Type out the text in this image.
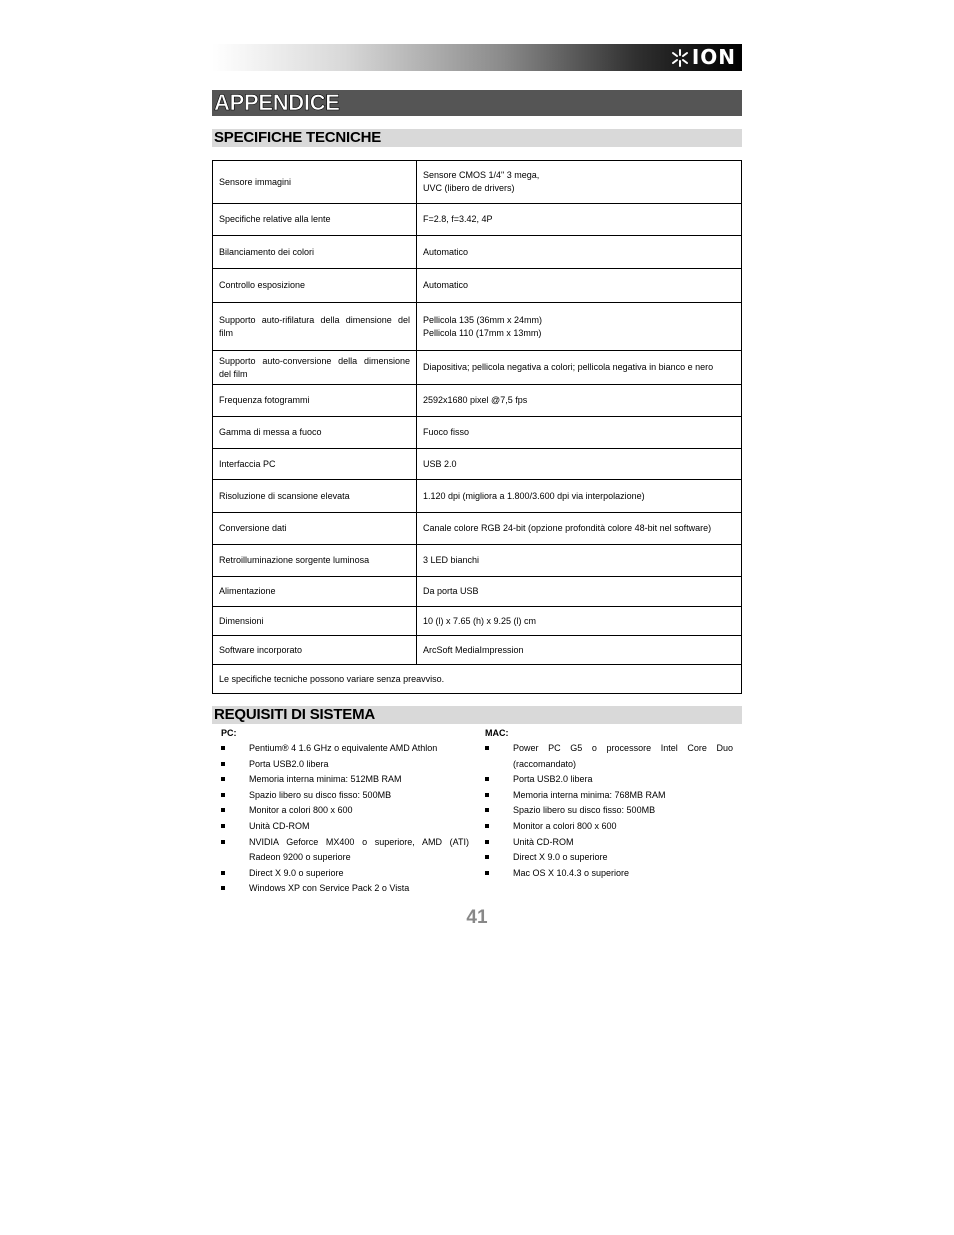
ION
APPENDICE
SPECIFICHE TECNICHE
Sensore immagini	Sensore CMOS 1/4" 3 mega,
UVC (libero de drivers)

Specifiche relative alla lente	F=2.8, f=3.42, 4P

Bilanciamento dei colori	Automatico

Controllo esposizione	Automatico

Supporto auto-rifilatura della dimensione del film	Pellicola 135 (36mm x 24mm)
Pellicola 110 (17mm x 13mm)

Supporto auto-conversione della dimensione del film	Diapositiva; pellicola negativa a colori; pellicola negativa in bianco e nero

Frequenza fotogrammi	2592x1680 pixel @7,5 fps

Gamma di messa a fuoco	Fuoco fisso

Interfaccia PC	USB 2.0

Risoluzione di scansione elevata	1.120 dpi (migliora a 1.800/3.600 dpi via interpolazione)

Conversione dati	Canale colore RGB 24-bit (opzione profondità colore 48-bit nel software)

Retroilluminazione sorgente luminosa	3 LED bianchi

Alimentazione	Da porta USB

Dimensioni	10 (l) x 7.65 (h) x 9.25 (l) cm

Software incorporato	ArcSoft MediaImpression

Le specifiche tecniche possono variare senza preavviso.	
REQUISITI DI SISTEMA
PC:
Pentium® 4 1.6 GHz o equivalente AMD Athlon
Porta USB2.0 libera
Memoria interna minima: 512MB RAM
Spazio libero su disco fisso: 500MB
Monitor a colori 800 x 600
Unità CD-ROM
NVIDIA Geforce MX400 o superiore, AMD (ATI)
Radeon 9200 o superiore
Direct X 9.0 o superiore
Windows XP con Service Pack 2 o Vista
MAC:
Power PC G5 o processore Intel Core Duo
(raccomandato)
Porta USB2.0 libera
Memoria interna minima: 768MB RAM
Spazio libero su disco fisso: 500MB
Monitor a colori 800 x 600
Unità CD-ROM
Direct X 9.0 o superiore
Mac OS X 10.4.3 o superiore
41
